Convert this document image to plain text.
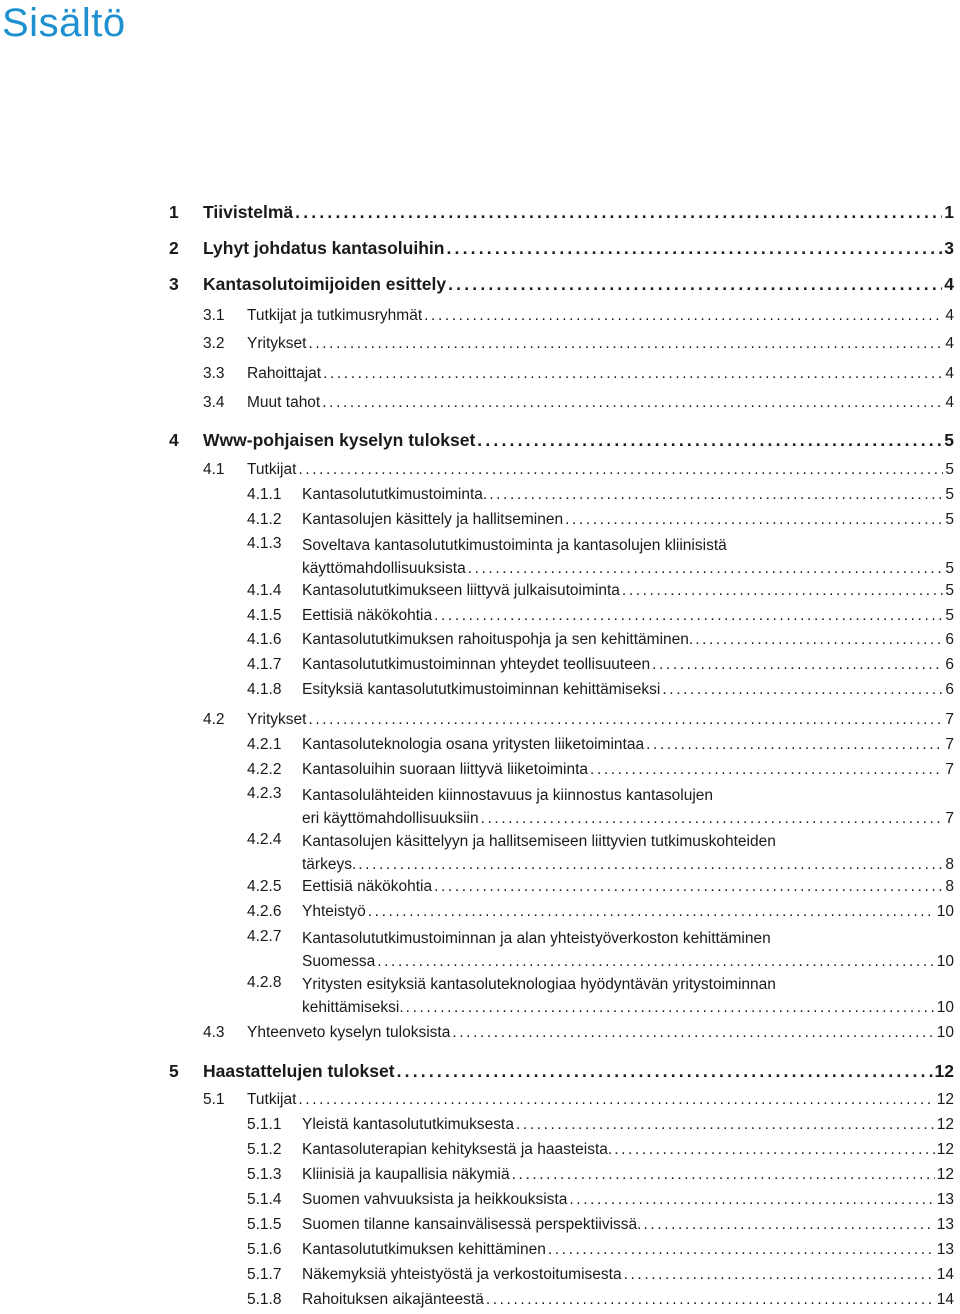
Sisältö
1 Tiivistelmä .....	1
2 Lyhyt johdatus kantasoluihin .....	3
3 Kantasolutoimijoiden esittely .....	4
3.1 Tutkijat ja tutkimusryhmät .....	4
3.2 Yritykset .....	4
3.3 Rahoittajat .....	4
3.4 Muut tahot .....	4
4 Www-pohjaisen kyselyn tulokset .....	5
4.1 Tutkijat .....	5
4.1.1 Kantasolututkimustoiminta. .....	5
4.1.2 Kantasolujen käsittely ja hallitseminen .....	5
4.1.3 Soveltava kantasolututkimustoiminta ja kantasolujen kliinisistä
käyttömahdollisuuksista .....	5
4.1.4 Kantasolututkimukseen liittyvä julkaisutoiminta .....	5
4.1.5 Eettisiä näkökohtia .....	5
4.1.6 Kantasolututkimuksen rahoituspohja ja sen kehittäminen. .....	6
4.1.7 Kantasolututkimustoiminnan yhteydet teollisuuteen .....	6
4.1.8 Esityksiä kantasolututkimustoiminnan kehittämiseksi .....	6
4.2 Yritykset .....	7
4.2.1 Kantasoluteknologia osana yritysten liiketoimintaa .....	7
4.2.2 Kantasoluihin suoraan liittyvä liiketoiminta .....	7
4.2.3 Kantasolulähteiden kiinnostavuus ja kiinnostus kantasolujen
eri käyttömahdollisuuksiin .....	7
4.2.4 Kantasolujen käsittelyyn ja hallitsemiseen liittyvien tutkimuskohteiden
tärkeys. .....	8
4.2.5 Eettisiä näkökohtia .....	8
4.2.6 Yhteistyö .....	10
4.2.7 Kantasolututkimustoiminnan ja alan yhteistyöverkoston kehittäminen
Suomessa .....	10
4.2.8 Yritysten esityksiä kantasoluteknologiaa hyödyntävän yritystoiminnan
kehittämiseksi. .....	10
4.3 Yhteenveto kyselyn tuloksista .....	10
5 Haastattelujen tulokset .....	12
5.1 Tutkijat .....	12
5.1.1 Yleistä kantasolututkimuksesta .....	12
5.1.2 Kantasoluterapian kehityksestä ja haasteista. .....	12
5.1.3 Kliinisiä ja kaupallisia näkymiä .....	12
5.1.4 Suomen vahvuuksista ja heikkouksista .....	13
5.1.5 Suomen tilanne kansainvälisessä perspektiivissä. .....	13
5.1.6 Kantasolututkimuksen kehittäminen .....	13
5.1.7 Näkemyksiä yhteistyöstä ja verkostoitumisesta .....	14
5.1.8 Rahoituksen aikajänteestä .....	14
